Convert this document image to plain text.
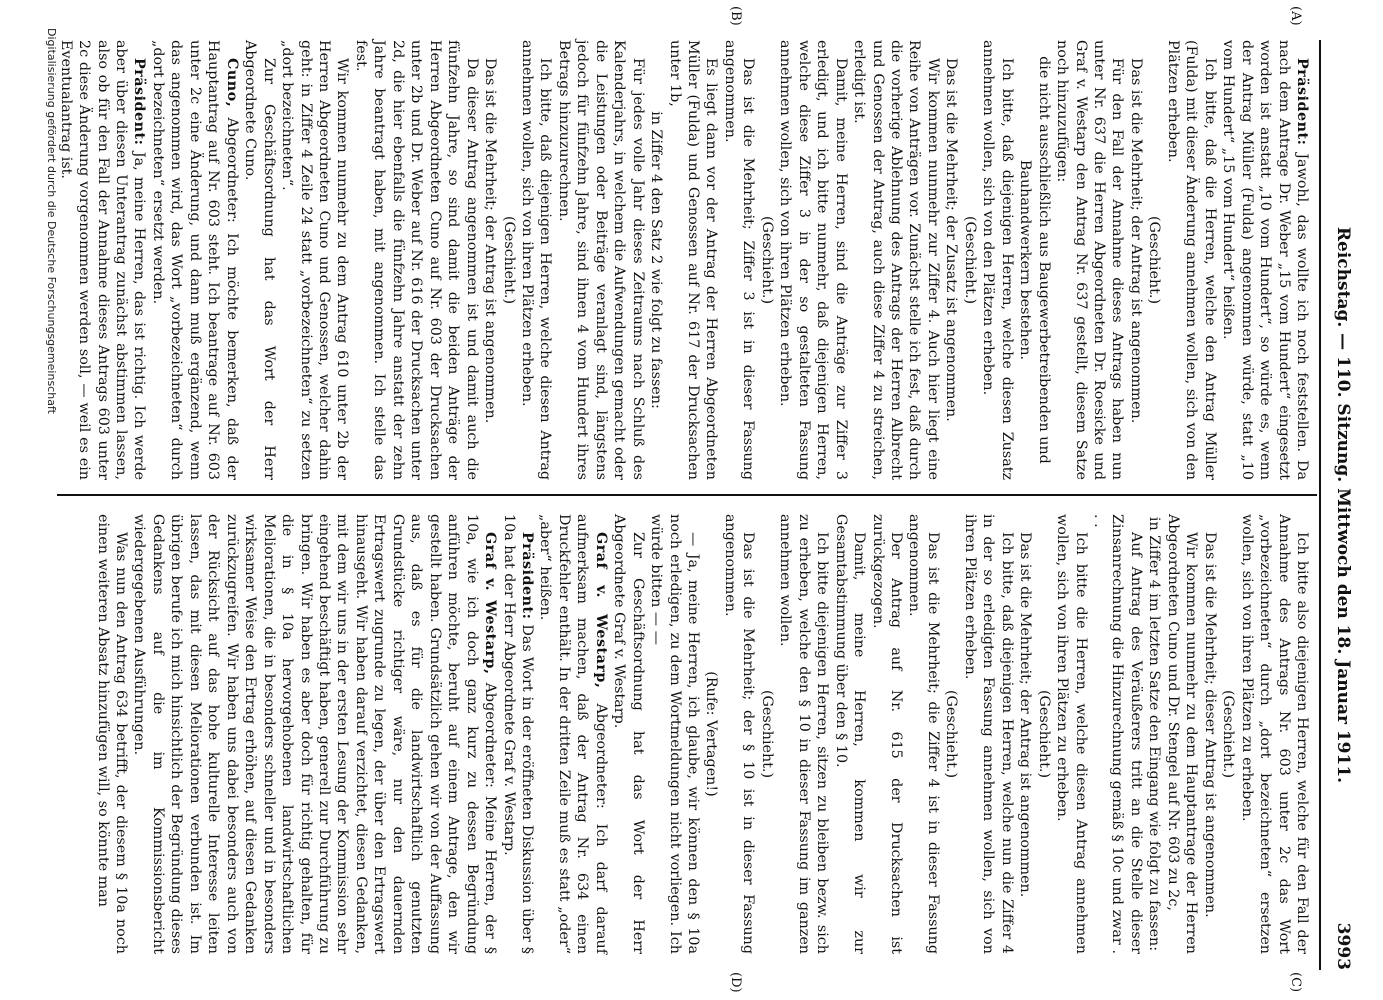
Reichstag. — 110. Sitzung. Mittwoch den 18. Januar 1911.
3993
(A)
(B)
(C)
(D)

Präsident: Jawohl, das wollte ich noch feststellen. Da nach dem Antrage Dr. Weber „15 vom Hundert“ eingesetzt worden ist anstatt „10 vom Hundert“, so würde es, wenn der Antrag Müller (Fulda) angenommen würde, statt „10 vom Hundert“ „15 vom Hundert“ heißen.

Ich bitte, daß die Herren, welche den Antrag Müller (Fulda) mit dieser Änderung annehmen wollen, sich von den Plätzen erheben.

(Geschieht.)

Das ist die Mehrheit; der Antrag ist angenommen.

Für den Fall der Annahme dieses Antrags haben nun unter Nr. 637 die Herren Abgeordneten Dr. Roesicke und Graf v. Westarp den Antrag Nr. 637 gestellt, diesem Satze noch hinzuzufügen:

die nicht ausschließlich aus Baugewerbetreibenden und Bauhandwerkern bestehen.

Ich bitte, daß diejenigen Herren, welche diesen Zusatz annehmen wollen, sich von den Plätzen erheben.

(Geschieht.)

Das ist die Mehrheit; der Zusatz ist angenommen.

Wir kommen nunmehr zur Ziffer 4. Auch hier liegt eine Reihe von Anträgen vor. Zunächst stelle ich fest, daß durch die vorherige Ablehnung des Antrags der Herren Albrecht und Genossen der Antrag, auch diese Ziffer 4 zu streichen, erledigt ist.

Damit, meine Herren, sind die Anträge zur Ziffer 3 erledigt, und ich bitte nunmehr, daß diejenigen Herren, welche diese Ziffer 3 in der so gestalteten Fassung annehmen wollen, sich von ihren Plätzen erheben.

(Geschieht.)

Das ist die Mehrheit; Ziffer 3 ist in dieser Fassung angenommen.

Es liegt dann vor der Antrag der Herren Abgeordneten Müller (Fulda) und Genossen auf Nr. 617 der Drucksachen unter 1b,

in Ziffer 4 den Satz 2 wie folgt zu fassen:

Für jedes volle Jahr dieses Zeitraums nach Schluß des Kalenderjahrs, in welchem die Aufwendungen gemacht oder die Leistungen oder Beiträge veranlagt sind, längstens jedoch für fünfzehn Jahre, sind ihnen 4 vom Hundert ihres Betrags hinzuzurechnen.

Ich bitte, daß diejenigen Herren, welche diesen Antrag annehmen wollen, sich von ihren Plätzen erheben.

(Geschieht.)

Das ist die Mehrheit; der Antrag ist angenommen.

Da dieser Antrag angenommen ist und damit auch die fünfzehn Jahre, so sind damit die beiden Anträge der Herren Abgeordneten Cuno auf Nr. 603 der Drucksachen unter 2b und Dr. Weber auf Nr. 616 der Drucksachen unter 2d, die hier ebenfalls die fünfzehn Jahre anstatt der zehn Jahre beantragt haben, mit angenommen. Ich stelle das fest.

Wir kommen nunmehr zu dem Antrag 610 unter 2b der Herren Abgeordneten Cuno und Genossen, welcher dahin geht: in Ziffer 4 Zeile 24 statt „vorbezeichneten“ zu setzen „dort bezeichneten“.

Zur Geschäftsordnung hat das Wort der Herr Abgeordnete Cuno.

Cuno, Abgeordneter: Ich möchte bemerken, daß der Hauptantrag auf Nr. 603 steht. Ich beantrage auf Nr. 603 unter 2c eine Änderung, und dann muß ergänzend, wenn das angenommen wird, das Wort „vorbezeichneten“ durch „dort bezeichneten“ ersetzt werden.

Präsident: Ja, meine Herren, das ist richtig. Ich werde aber über diesen Unterantrag zunächst abstimmen lassen, also ob für den Fall der Annahme dieses Antrags 603 unter 2c diese Änderung vorgenommen werden soll, — weil es ein Eventualantrag ist.

Ich bitte also diejenigen Herren, welche für den Fall der Annahme des Antrags Nr. 603 unter 2c das Wort „vorbezeichneten“ durch „dort bezeichneten“ ersetzen wollen, sich von ihren Plätzen zu erheben.

(Geschieht.)

Das ist die Mehrheit; dieser Antrag ist angenommen.

Wir kommen nunmehr zu dem Hauptantrage der Herren Abgeordneten Cuno und Dr. Stengel auf Nr. 603 zu 2c,

in Ziffer 4 im letzten Satze den Eingang wie folgt zu fassen:

Auf Antrag des Veräußerers tritt an die Stelle dieser Zinsanrechnung die Hinzurechnung gemäß § 10c und zwar . . .

Ich bitte die Herren, welche diesen Antrag annehmen wollen, sich von ihren Plätzen zu erheben.

(Geschieht.)

Das ist die Mehrheit; der Antrag ist angenommen.

Ich bitte, daß diejenigen Herren, welche nun die Ziffer 4 in der so erledigten Fassung annehmen wollen, sich von ihren Plätzen erheben.

(Geschieht.)

Das ist die Mehrheit; die Ziffer 4 ist in dieser Fassung angenommen.

Der Antrag auf Nr. 615 der Drucksachen ist zurückgezogen.

Damit, meine Herren, kommen wir zur Gesamtabstimmung über den § 10.

Ich bitte diejenigen Herren, sitzen zu bleiben bezw. sich zu erheben, welche den § 10 in dieser Fassung im ganzen annehmen wollen.

(Geschieht.)

Das ist die Mehrheit; der § 10 ist in dieser Fassung angenommen.

(Rufe: Vertagen!)

— Ja, meine Herren, ich glaube, wir können den § 10a noch erledigen, zu dem Wortmeldungen nicht vorliegen. Ich würde bitten — —

Zur Geschäftsordnung hat das Wort der Herr Abgeordnete Graf v. Westarp.

Graf v. Westarp, Abgeordneter: Ich darf darauf aufmerksam machen, daß der Antrag Nr. 634 einen Druckfehler enthält. In der dritten Zeile muß es statt „oder“ „aber“ heißen.

Präsident: Das Wort in der eröffneten Diskussion über § 10a hat der Herr Abgeordnete Graf v. Westarp.

Graf v. Westarp, Abgeordneter: Meine Herren, der § 10a, wie ich doch ganz kurz zu dessen Begründung anführen möchte, beruht auf einem Antrage, den wir gestellt haben. Grundsätzlich gehen wir von der Auffassung aus, daß es für die landwirtschaftlich genutzten Grundstücke richtiger wäre, nur den dauernden Ertragswert zugrunde zu legen, der über den Ertragswert hinausgeht. Wir haben darauf verzichtet, diesen Gedanken, mit dem wir uns in der ersten Lesung der Kommission sehr eingehend beschäftigt haben, generell zur Durchführung zu bringen. Wir haben es aber doch für richtig gehalten, für die in § 10a hervorgehobenen landwirtschaftlichen Meliorationen, die in besonders schneller und in besonders wirksamer Weise den Ertrag erhöhen, auf diesen Gedanken zurückzugreifen. Wir haben uns dabei besonders auch von der Rücksicht auf das hohe kulturelle Interesse leiten lassen, das mit diesen Meliorationen verbunden ist. Im übrigen berufe ich mich hinsichtlich der Begründung dieses Gedankens auf die im Kommissionsbericht wiedergegebenen Ausführungen.

Was nun den Antrag 634 betrifft, der diesem § 10a noch einen weiteren Absatz hinzufügen will, so könnte man

Digitalisierung gefördert durch die Deutsche Forschungsgemeinschaft
